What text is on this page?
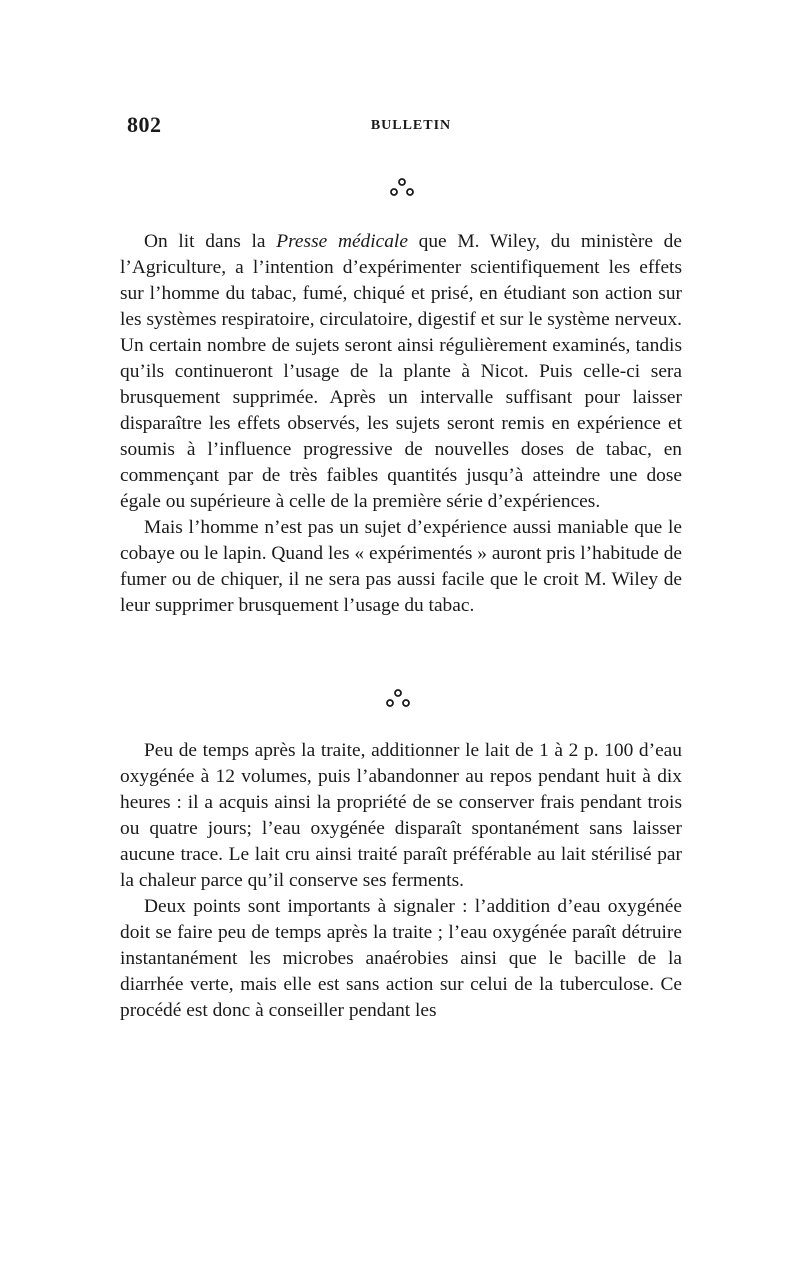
802	BULLETIN

On lit dans la Presse médicale que M. Wiley, du ministère de l’Agriculture, a l’intention d’expérimenter scientifiquement les effets sur l’homme du tabac, fumé, chiqué et prisé, en étudiant son action sur les systèmes respiratoire, circulatoire, digestif et sur le système nerveux. Un certain nombre de sujets seront ainsi régulièrement examinés, tandis qu’ils continueront l’usage de la plante à Nicot. Puis celle-ci sera brusquement supprimée. Après un intervalle suffisant pour laisser disparaître les effets observés, les sujets seront remis en expérience et soumis à l’influence progressive de nouvelles doses de tabac, en commençant par de très faibles quantités jusqu’à atteindre une dose égale ou supérieure à celle de la première série d’expériences.

Mais l’homme n’est pas un sujet d’expérience aussi maniable que le cobaye ou le lapin. Quand les « expérimentés » auront pris l’habitude de fumer ou de chiquer, il ne sera pas aussi facile que le croit M. Wiley de leur supprimer brusquement l’usage du tabac.

Peu de temps après la traite, additionner le lait de 1 à 2 p. 100 d’eau oxygénée à 12 volumes, puis l’abandonner au repos pendant huit à dix heures : il a acquis ainsi la propriété de se conserver frais pendant trois ou quatre jours; l’eau oxygénée disparaît spontanément sans laisser aucune trace. Le lait cru ainsi traité paraît préférable au lait stérilisé par la chaleur parce qu’il conserve ses ferments.

Deux points sont importants à signaler : l’addition d’eau oxygénée doit se faire peu de temps après la traite ; l’eau oxygénée paraît détruire instantanément les microbes anaérobies ainsi que le bacille de la diarrhée verte, mais elle est sans action sur celui de la tuberculose. Ce procédé est donc à conseiller pendant les
